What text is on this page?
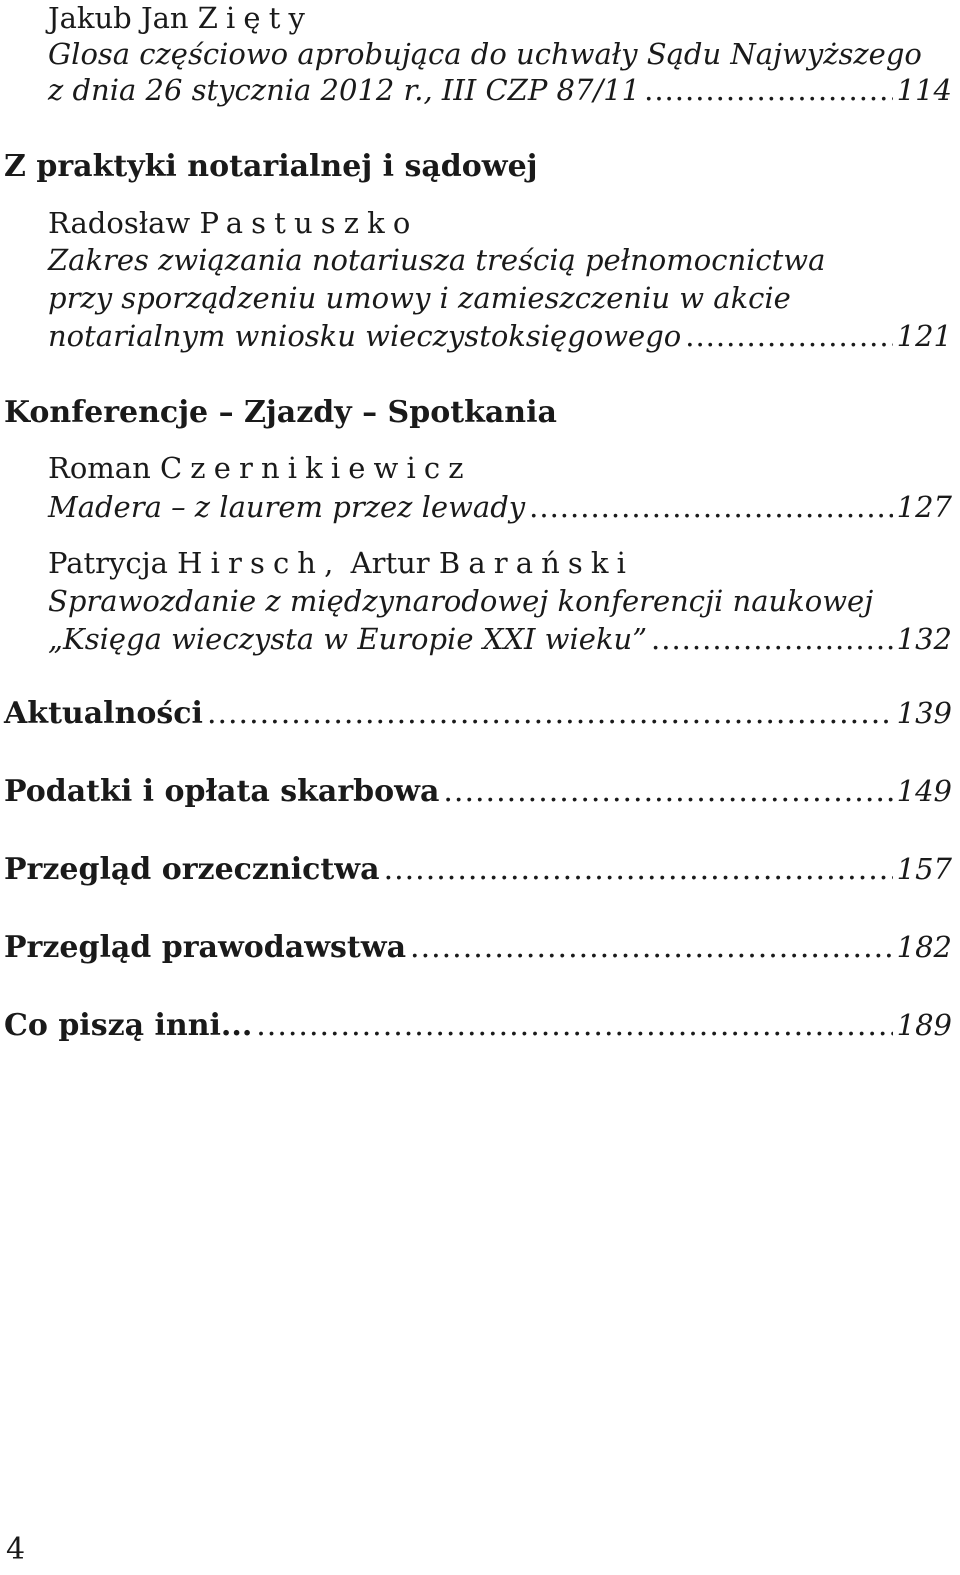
Jakub Jan Zięty
Glosa częściowo aprobująca do uchwały Sądu Najwyższego
z dnia 26 stycznia 2012 r., III CZP 87/11 .....	114
Z praktyki notarialnej i sądowej
Radosław Pastuszko
Zakres związania notariusza treścią pełnomocnictwa
przy sporządzeniu umowy i zamieszczeniu w akcie
notarialnym wniosku wieczystoksięgowego .....	121
Konferencje – Zjazdy – Spotkania
Roman Czernikiewicz
Madera – z laurem przez lewady .....	127
Patrycja Hirsch, Artur Barański
Sprawozdanie z międzynarodowej konferencji naukowej
„Księga wieczysta w Europie XXI wieku” .....	132
Aktualności .....	139
Podatki i opłata skarbowa .....	149
Przegląd orzecznictwa .....	157
Przegląd prawodawstwa .....	182
Co piszą inni... .....	189
4
